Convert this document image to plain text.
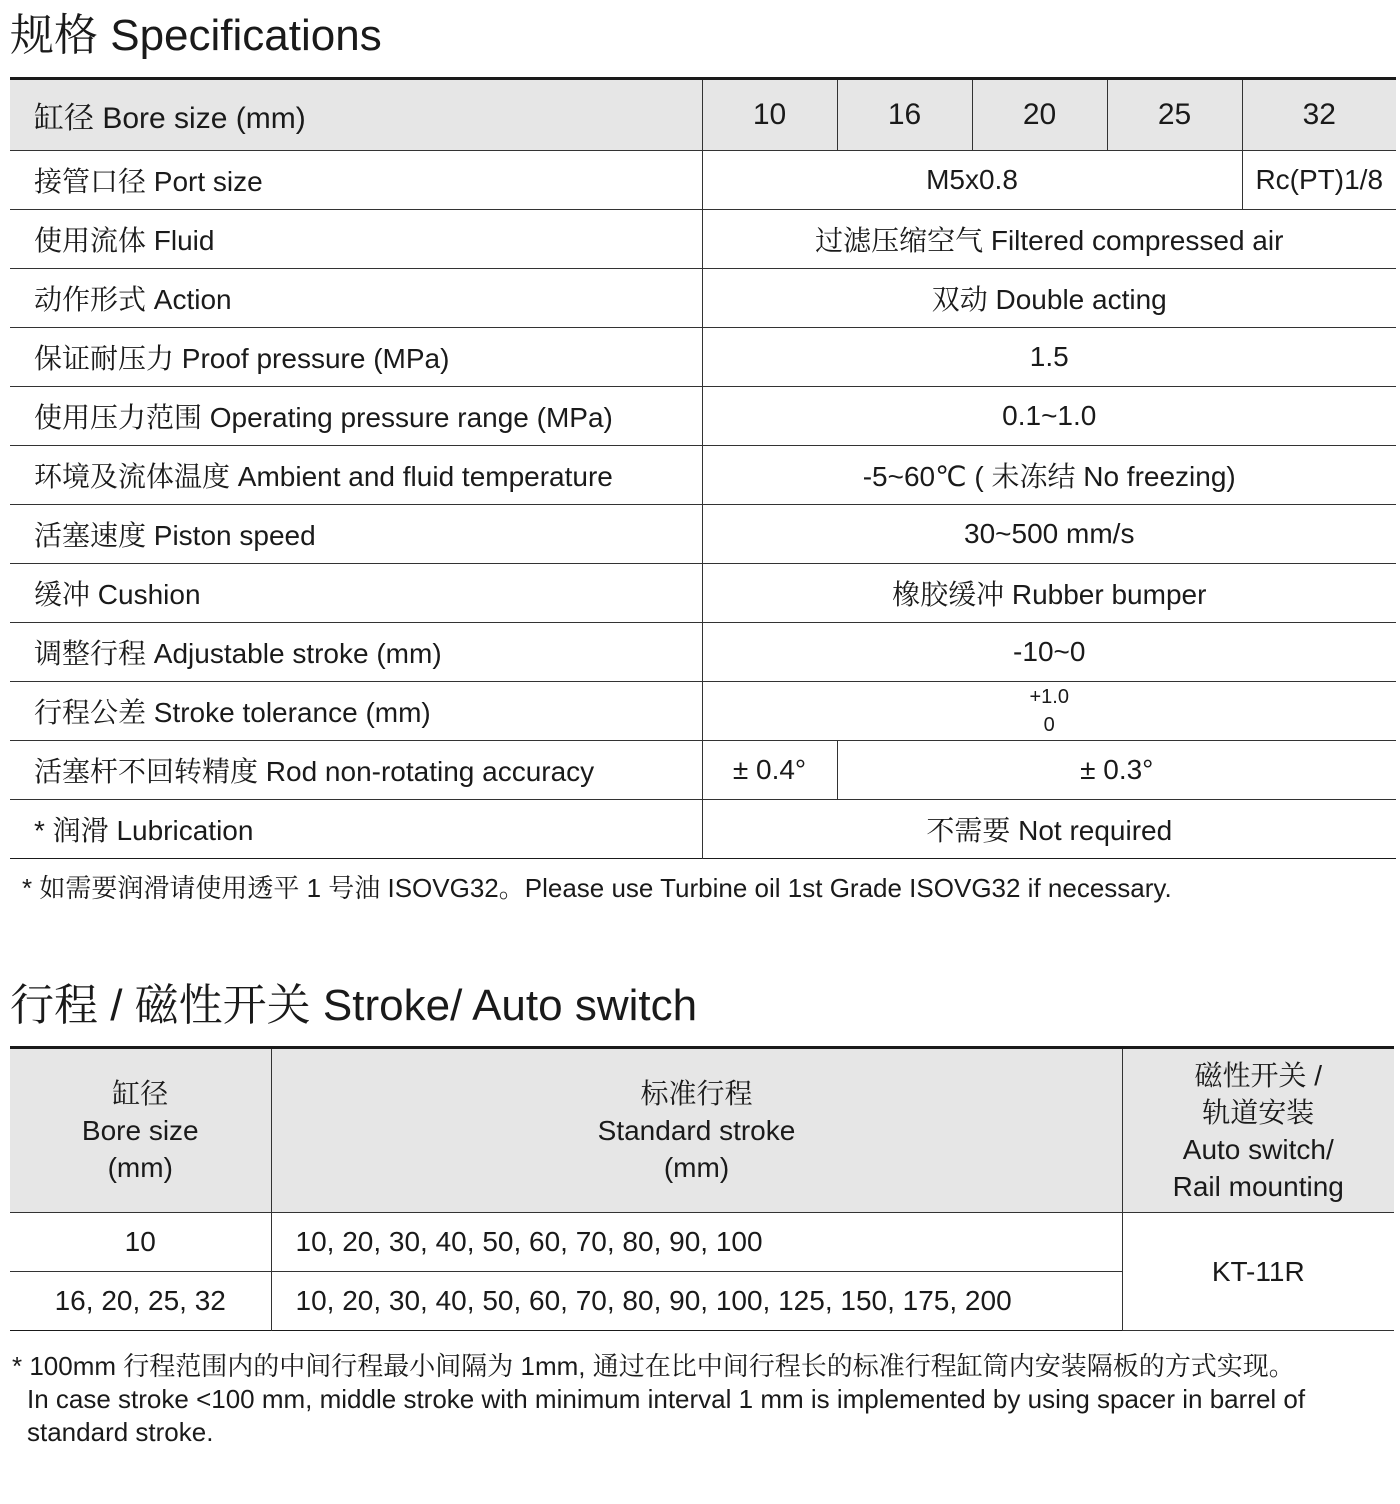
规格 Specifications
缸径 Bore size (mm)	10	16	20	25	32
接管口径 Port size	M5x0.8				Rc(PT)1/8
使用流体 Fluid	过滤压缩空气 Filtered compressed air				
动作形式 Action	双动 Double acting				
保证耐压力 Proof pressure (MPa)	1.5				
使用压力范围 Operating pressure range (MPa)	0.1~1.0				
环境及流体温度 Ambient and fluid temperature	-5~60℃ ( 未冻结 No freezing)				
活塞速度 Piston speed	30~500 mm/s				
缓冲 Cushion	橡胶缓冲 Rubber bumper				
调整行程 Adjustable stroke (mm)	-10~0				
行程公差 Stroke tolerance (mm)	+1.0
0				

活塞杆不回转精度 Rod non-rotating accuracy	± 0.4°	± 0.3°			
* 润滑 Lubrication	不需要 Not required				

* 如需要润滑请使用透平 1 号油 ISOVG32。Please use Turbine oil 1st Grade ISOVG32 if necessary.

行程 / 磁性开关 Stroke/ Auto switch
缸径
Bore size
(mm)	标准行程
Standard stroke
(mm)	磁性开关 /
轨道安装
Auto switch/
Rail mounting

10	10, 20, 30, 40, 50, 60, 70, 80, 90, 100	KT-11R
16, 20, 25, 32	10, 20, 30, 40, 50, 60, 70, 80, 90, 100, 125, 150, 175, 200	

* 100mm 行程范围内的中间行程最小间隔为 1mm, 通过在比中间行程长的标准行程缸筒内安装隔板的方式实现。
In case stroke <100 mm, middle stroke with minimum interval 1 mm is implemented by using spacer in barrel of standard stroke.
